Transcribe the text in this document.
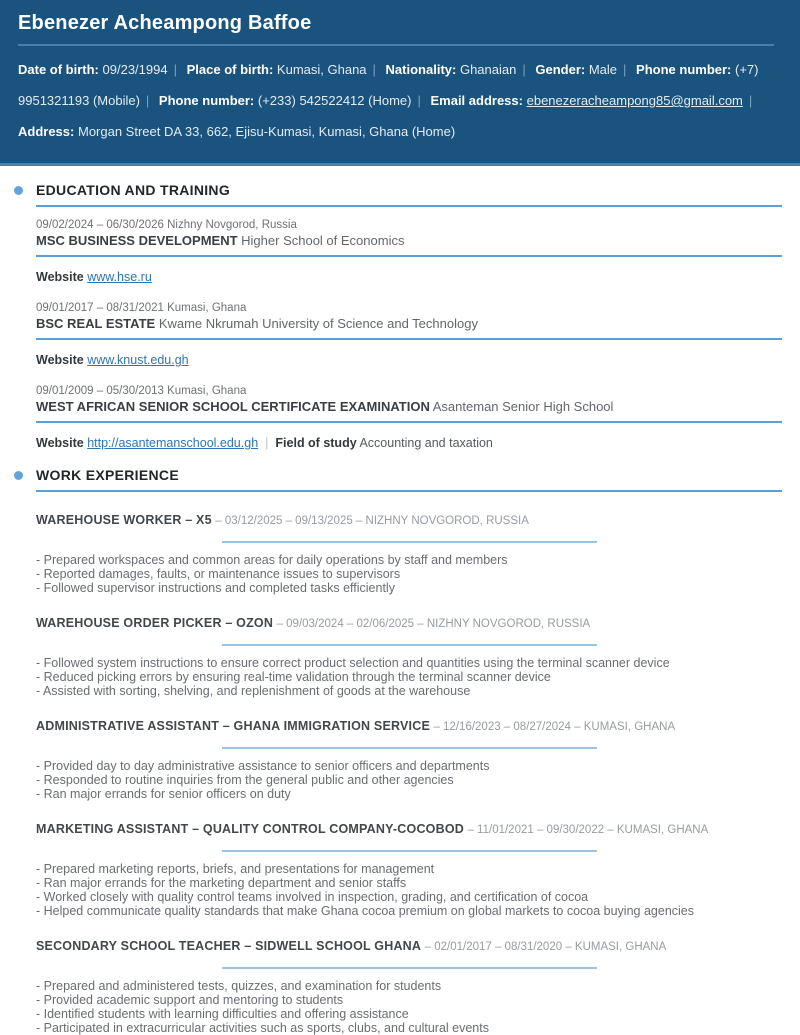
Ebenezer Acheampong Baffoe
Date of birth: 09/23/1994 | Place of birth: Kumasi, Ghana | Nationality: Ghanaian | Gender: Male | Phone number: (+7) 9951321193 (Mobile) | Phone number: (+233) 542522412 (Home) | Email address: ebenezeracheampong85@gmail.com | Address: Morgan Street DA 33, 662, Ejisu-Kumasi, Kumasi, Ghana (Home)
EDUCATION AND TRAINING
09/02/2024 – 06/30/2026 Nizhny Novgorod, Russia
MSC BUSINESS DEVELOPMENT Higher School of Economics
Website www.hse.ru
09/01/2017 – 08/31/2021 Kumasi, Ghana
BSC REAL ESTATE Kwame Nkrumah University of Science and Technology
Website www.knust.edu.gh
09/01/2009 – 05/30/2013 Kumasi, Ghana
WEST AFRICAN SENIOR SCHOOL CERTIFICATE EXAMINATION Asanteman Senior High School
Website http://asantemanschool.edu.gh | Field of study Accounting and taxation
WORK EXPERIENCE
WAREHOUSE WORKER – X5 – 03/12/2025 – 09/13/2025 – NIZHNY NOVGOROD, RUSSIA
- Prepared workspaces and common areas for daily operations by staff and members
- Reported damages, faults, or maintenance issues to supervisors
- Followed supervisor instructions and completed tasks efficiently
WAREHOUSE ORDER PICKER – OZON – 09/03/2024 – 02/06/2025 – NIZHNY NOVGOROD, RUSSIA
- Followed system instructions to ensure correct product selection and quantities using the terminal scanner device
- Reduced picking errors by ensuring real-time validation through the terminal scanner device
- Assisted with sorting, shelving, and replenishment of goods at the warehouse
ADMINISTRATIVE ASSISTANT – GHANA IMMIGRATION SERVICE – 12/16/2023 – 08/27/2024 – KUMASI, GHANA
- Provided day to day administrative assistance to senior officers and departments
- Responded to routine inquiries from the general public and other agencies
- Ran major errands for senior officers on duty
MARKETING ASSISTANT – QUALITY CONTROL COMPANY-COCOBOD – 11/01/2021 – 09/30/2022 – KUMASI, GHANA
- Prepared marketing reports, briefs, and presentations for management
- Ran major errands for the marketing department and senior staffs
- Worked closely with quality control teams involved in inspection, grading, and certification of cocoa
- Helped communicate quality standards that make Ghana cocoa premium on global markets to cocoa buying agencies
SECONDARY SCHOOL TEACHER – SIDWELL SCHOOL GHANA – 02/01/2017 – 08/31/2020 – KUMASI, GHANA
- Prepared and administered tests, quizzes, and examination for students
- Provided academic support and mentoring to students
- Identified students with learning difficulties and offering assistance
- Participated in extracurricular activities such as sports, clubs, and cultural events
